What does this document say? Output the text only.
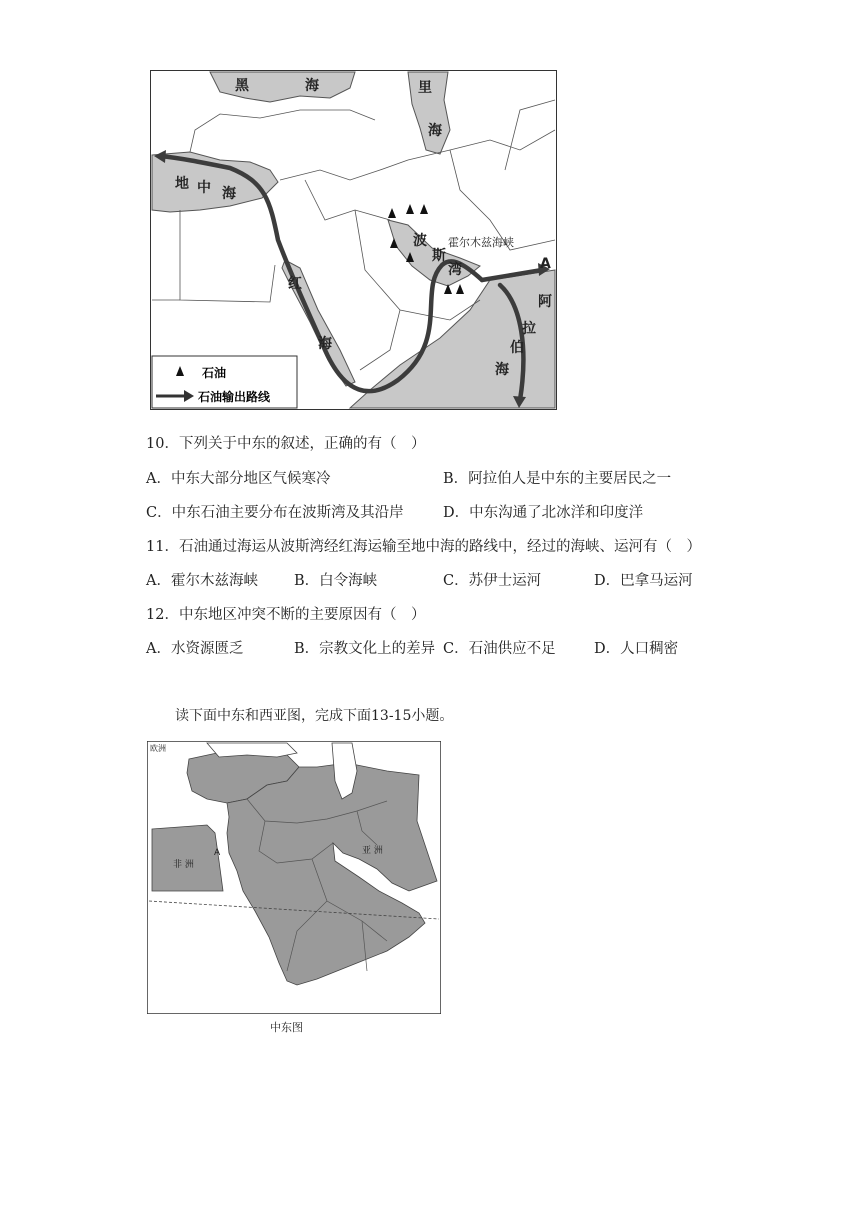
黑	海	里
海
地 中 海
波
斯
湾	A
阿
拉
伯
海
红
海
霍尔木兹海峡
石油
石油输出路线
10．下列关于中东的叙述，正确的有（　）
A．中东大部分地区气候寒冷	B．阿拉伯人是中东的主要居民之一
C．中东石油主要分布在波斯湾及其沿岸	D．中东沟通了北冰洋和印度洋
11．石油通过海运从波斯湾经红海运输至地中海的路线中，经过的海峡、运河有（　）
A．霍尔木兹海峡 B．白令海峡	C．苏伊士运河	D．巴拿马运河
12．中东地区冲突不断的主要原因有（　）
A．水资源匮乏	B．宗教文化上的差异 C．石油供应不足	D．人口稠密
读下面中东和西亚图，完成下面13-15小题。
欧洲
非 洲
亚 洲
A
中东图
